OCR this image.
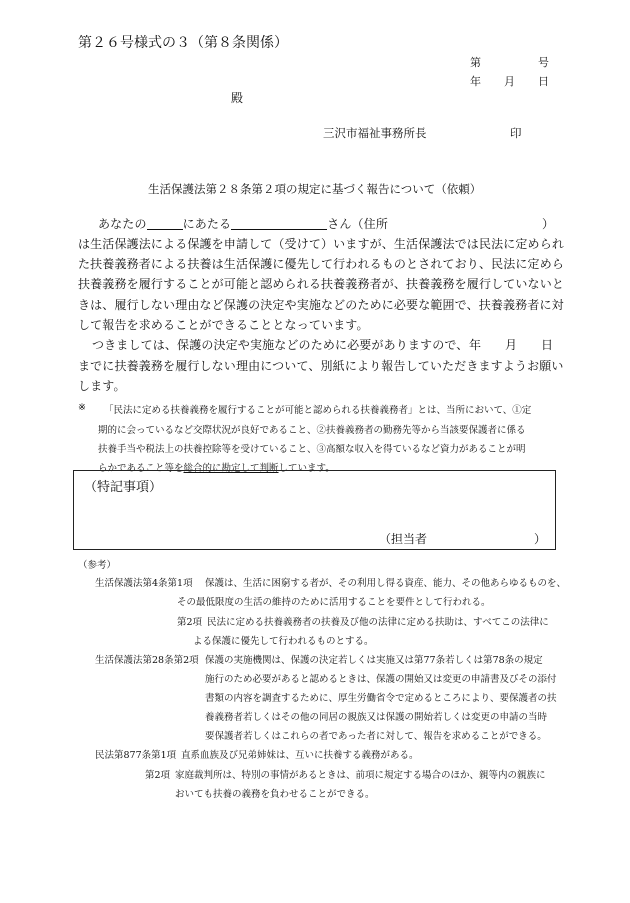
第２６号様式の３（第８条関係）
第	号
年 月 日
殿
三沢市福祉事務所長	印
生活保護法第２８条第２項の規定に基づく報告について（依頼）
あなたの	にあたる	さん（住所	）
は生活保護法による保護を申請して（受けて）いますが、生活保護法では民法に定められ
た扶養義務者による扶養は生活保護に優先して行われるものとされており、民法に定めら
扶養義務を履行することが可能と認められる扶養義務者が、扶養義務を履行していないと
きは、履行しない理由など保護の決定や実施などのために必要な範囲で、扶養義務者に対
して報告を求めることができることとなっています。
つきましては、保護の決定や実施などのために必要がありますので、 年 月 日
までに扶養義務を履行しない理由について、別紙により報告していただきますようお願い
します。
※ 「民法に定める扶養義務を履行することが可能と認められる扶養義務者」とは、当所において、①定
期的に会っているなど交際状況が良好であること、②扶養義務者の勤務先等から当該要保護者に係る
扶養手当や税法上の扶養控除等を受けていること、③高額な収入を得ているなど資力があることが明
らかであること等を総合的に勘定して判断しています。
（特記事項）
（担当者	）
（参考）
生活保護法第4条第1項 保護は、生活に困窮する者が、その利用し得る資産、能力、その他あらゆるものを、
その最低限度の生活の維持のために活用することを要件として行われる。
第2項 民法に定める扶養義務者の扶養及び他の法律に定める扶助は、すべてこの法律に
よる保護に優先して行われるものとする。
生活保護法第28条第2項 保護の実施機関は、保護の決定若しくは実施又は第77条若しくは第78条の規定
施行のため必要があると認めるときは、保護の開始又は変更の申請書及びその添付
書類の内容を調査するために、厚生労働省令で定めるところにより、要保護者の扶
養義務者若しくはその他の同居の親族又は保護の開始若しくは変更の申請の当時
要保護者若しくはこれらの者であった者に対して、報告を求めることができる。
民法第877条第1項 直系血族及び兄弟姉妹は、互いに扶養する義務がある。
第2項 家庭裁判所は、特別の事情があるときは、前項に規定する場合のほか、親等内の親族に
おいても扶養の義務を負わせることができる。
